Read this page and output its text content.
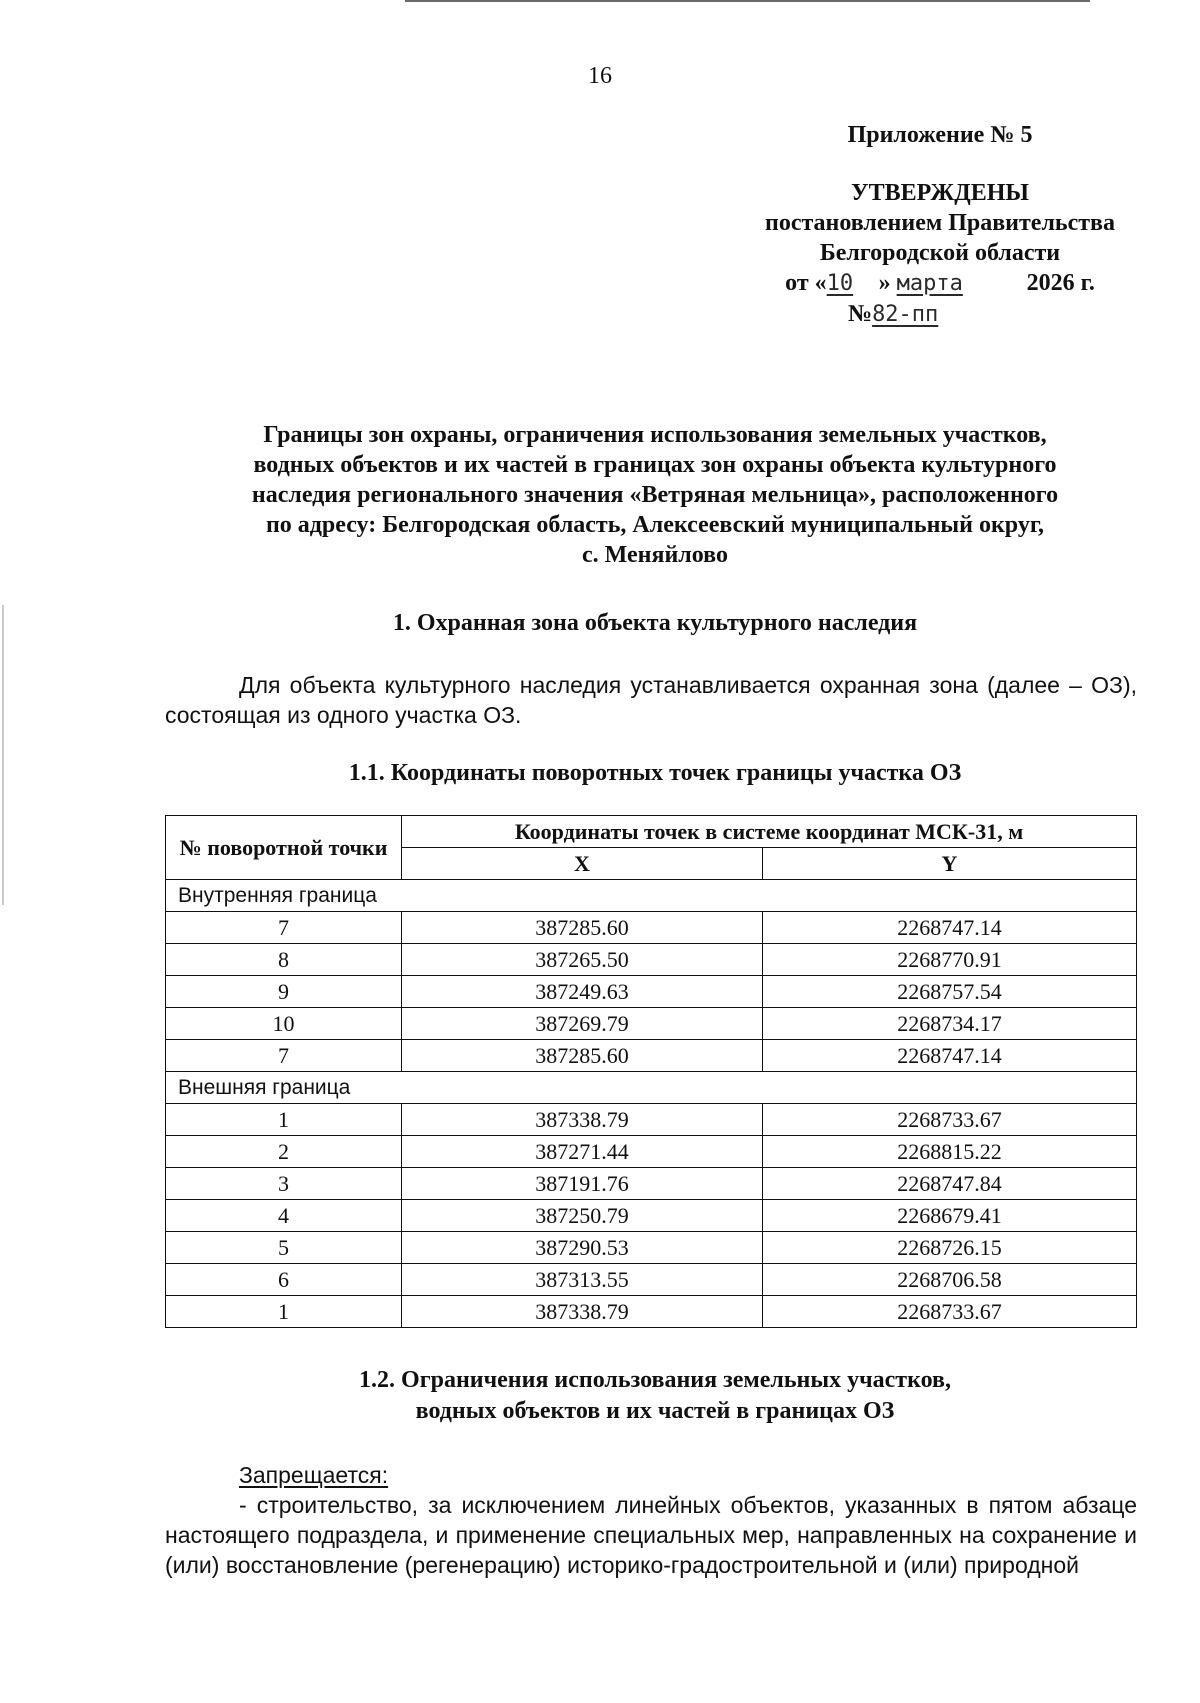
16
Приложение № 5
УТВЕРЖДЕНЫ
постановлением Правительства
Белгородской области
от «10 » марта	2026 г.
№82-пп
Границы зон охраны, ограничения использования земельных участков,
водных объектов и их частей в границах зон охраны объекта культурного
наследия регионального значения «Ветряная мельница», расположенного
по адресу: Белгородская область, Алексеевский муниципальный округ,
с. Меняйлово
1. Охранная зона объекта культурного наследия
Для объекта культурного наследия устанавливается охранная зона (далее – ОЗ), состоящая из одного участка ОЗ.
1.1. Координаты поворотных точек границы участка ОЗ
№ поворотной точки	Координаты точек в системе координат МСК-31, м	
	X	Y
Внутренняя граница		
7	387285.60	2268747.14
8	387265.50	2268770.91
9	387249.63	2268757.54
10	387269.79	2268734.17
7	387285.60	2268747.14
Внешняя граница		
1	387338.79	2268733.67
2	387271.44	2268815.22
3	387191.76	2268747.84
4	387250.79	2268679.41
5	387290.53	2268726.15
6	387313.55	2268706.58
1	387338.79	2268733.67
1.2. Ограничения использования земельных участков,
водных объектов и их частей в границах ОЗ
Запрещается:
- строительство, за исключением линейных объектов, указанных в пятом абзаце настоящего подраздела, и применение специальных мер, направленных на сохранение и (или) восстановление (регенерацию) историко-градостроительной и (или) природной
